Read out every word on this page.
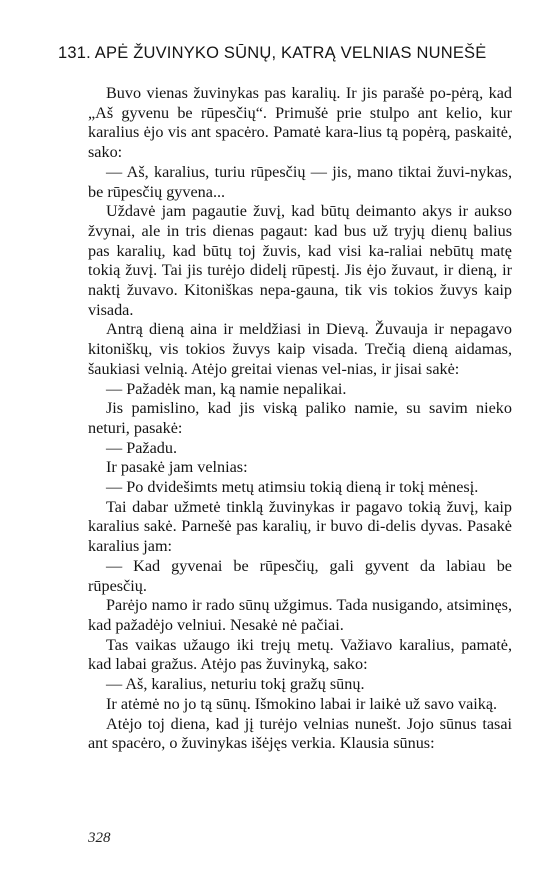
131. APĖ ŽUVINYKO SŪNŲ, KATRĄ VELNIAS NUNEŠĖ

Buvo vienas žuvinykas pas karalių. Ir jis parašė po-pėrą, kad „Aš gyvenu be rūpesčių“. Primušė prie stulpo ant kelio, kur karalius ėjo vis ant spacėro. Pamatė kara-lius tą popėrą, paskaitė, sako:

— Aš, karalius, turiu rūpesčių — jis, mano tiktai žuvi-nykas, be rūpesčių gyvena...

Uždavė jam pagautie žuvį, kad būtų deimanto akys ir aukso žvynai, ale in tris dienas pagaut: kad bus už tryjų dienų balius pas karalių, kad būtų toj žuvis, kad visi ka-raliai nebūtų matę tokią žuvį. Tai jis turėjo didelį rūpestį. Jis ėjo žuvaut, ir dieną, ir naktį žuvavo. Kitoniškas nepa-gauna, tik vis tokios žuvys kaip visada.

Antrą dieną aina ir meldžiasi in Dievą. Žuvauja ir nepagavo kitoniškų, vis tokios žuvys kaip visada. Trečią dieną aidamas, šaukiasi velnią. Atėjo greitai vienas vel-nias, ir jisai sakė:

— Pažadėk man, ką namie nepalikai.

Jis pamislino, kad jis viską paliko namie, su savim nieko neturi, pasakė:

— Pažadu.

Ir pasakė jam velnias:

— Po dvidešimts metų atimsiu tokią dieną ir tokį mėnesį.

Tai dabar užmetė tinklą žuvinykas ir pagavo tokią žuvį, kaip karalius sakė. Parnešė pas karalių, ir buvo di-delis dyvas. Pasakė karalius jam:

— Kad gyvenai be rūpesčių, gali gyvent da labiau be rūpesčių.

Parėjo namo ir rado sūnų užgimus. Tada nusigando, atsiminęs, kad pažadėjo velniui. Nesakė nė pačiai.

Tas vaikas užaugo iki trejų metų. Važiavo karalius, pamatė, kad labai gražus. Atėjo pas žuvinyką, sako:

— Aš, karalius, neturiu tokį gražų sūnų.

Ir atėmė no jo tą sūnų. Išmokino labai ir laikė už savo vaiką.

Atėjo toj diena, kad jį turėjo velnias nunešt. Jojo sūnus tasai ant spacėro, o žuvinykas išėjęs verkia. Klausia sūnus:

328
